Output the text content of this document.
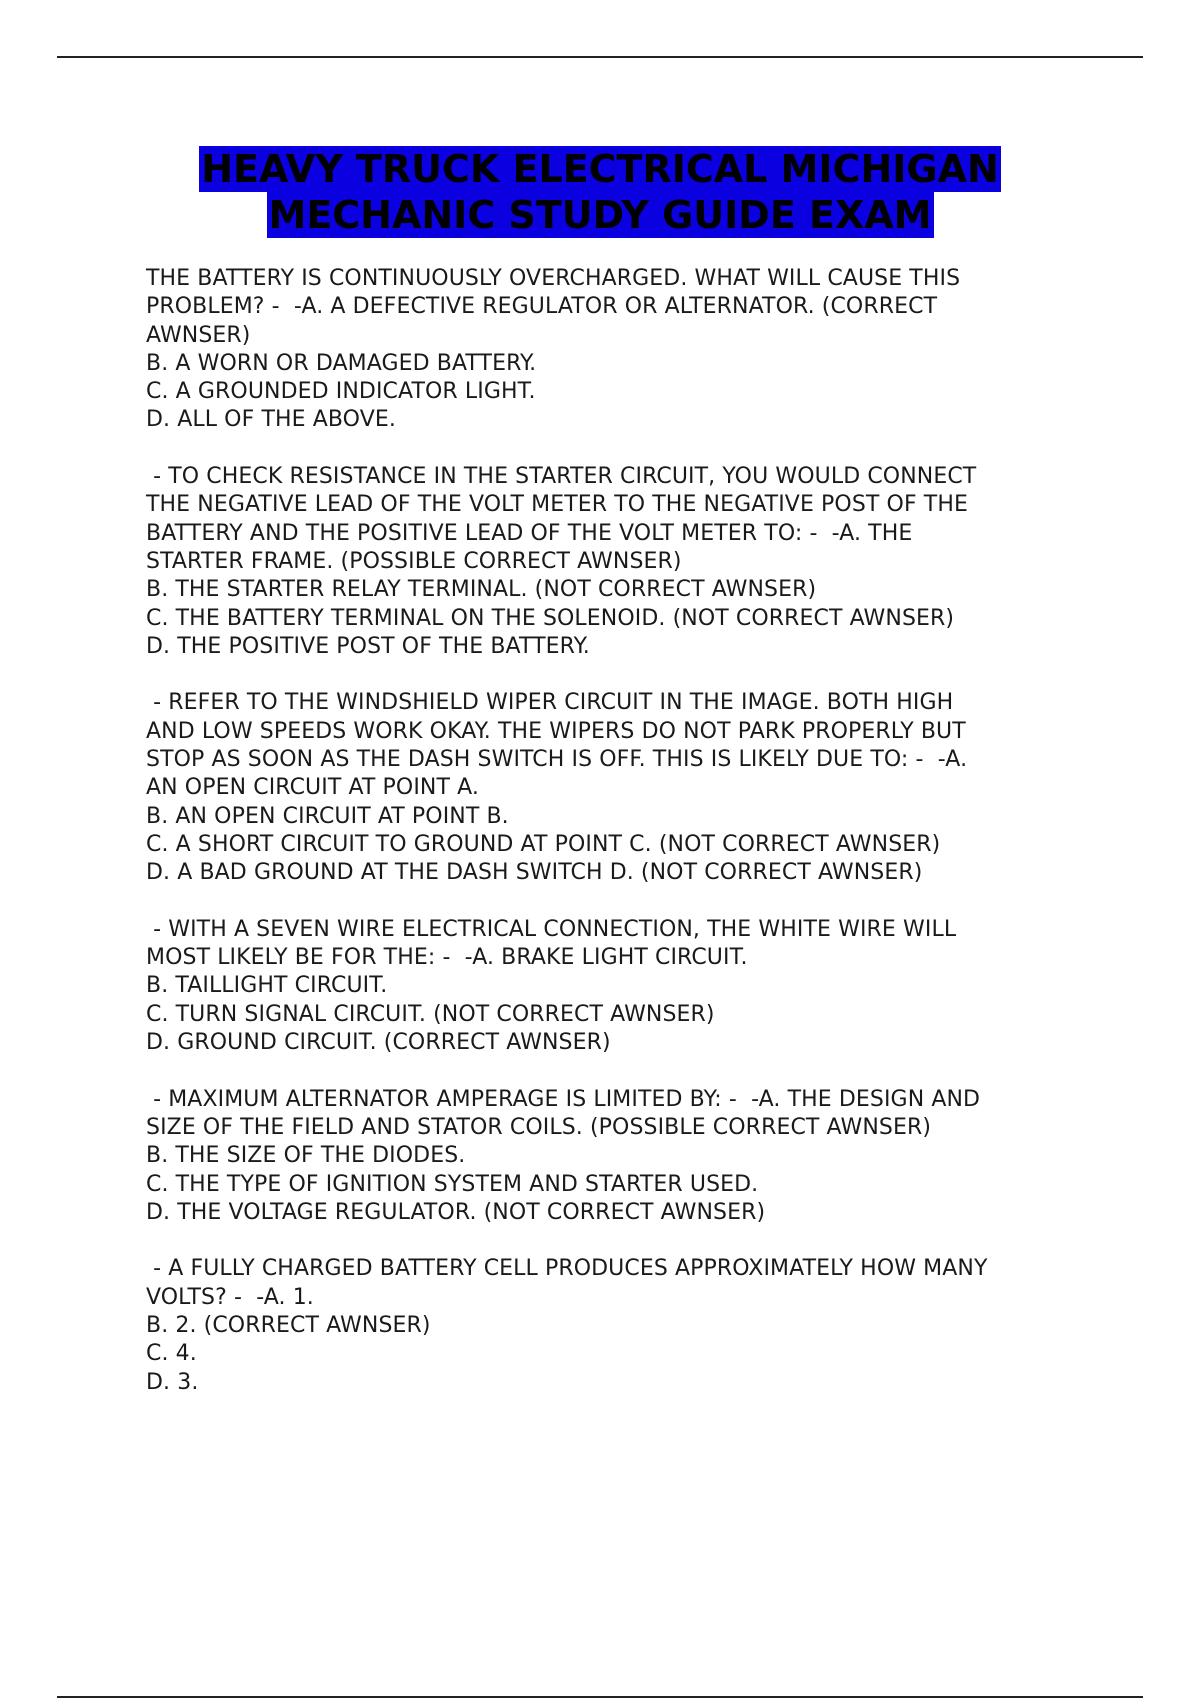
HEAVY TRUCK ELECTRICAL MICHIGAN
MECHANIC STUDY GUIDE EXAM
THE BATTERY IS CONTINUOUSLY OVERCHARGED. WHAT WILL CAUSE THIS
PROBLEM? -  -A. A DEFECTIVE REGULATOR OR ALTERNATOR. (CORRECT
AWNSER)
B. A WORN OR DAMAGED BATTERY.
C. A GROUNDED INDICATOR LIGHT.
D. ALL OF THE ABOVE.
- TO CHECK RESISTANCE IN THE STARTER CIRCUIT, YOU WOULD CONNECT
THE NEGATIVE LEAD OF THE VOLT METER TO THE NEGATIVE POST OF THE
BATTERY AND THE POSITIVE LEAD OF THE VOLT METER TO: -  -A. THE
STARTER FRAME. (POSSIBLE CORRECT AWNSER)
B. THE STARTER RELAY TERMINAL. (NOT CORRECT AWNSER)
C. THE BATTERY TERMINAL ON THE SOLENOID. (NOT CORRECT AWNSER)
D. THE POSITIVE POST OF THE BATTERY.
- REFER TO THE WINDSHIELD WIPER CIRCUIT IN THE IMAGE. BOTH HIGH
AND LOW SPEEDS WORK OKAY. THE WIPERS DO NOT PARK PROPERLY BUT
STOP AS SOON AS THE DASH SWITCH IS OFF. THIS IS LIKELY DUE TO: -  -A.
AN OPEN CIRCUIT AT POINT A.
B. AN OPEN CIRCUIT AT POINT B.
C. A SHORT CIRCUIT TO GROUND AT POINT C. (NOT CORRECT AWNSER)
D. A BAD GROUND AT THE DASH SWITCH D. (NOT CORRECT AWNSER)
- WITH A SEVEN WIRE ELECTRICAL CONNECTION, THE WHITE WIRE WILL
MOST LIKELY BE FOR THE: -  -A. BRAKE LIGHT CIRCUIT.
B. TAILLIGHT CIRCUIT.
C. TURN SIGNAL CIRCUIT. (NOT CORRECT AWNSER)
D. GROUND CIRCUIT. (CORRECT AWNSER)
- MAXIMUM ALTERNATOR AMPERAGE IS LIMITED BY: -  -A. THE DESIGN AND
SIZE OF THE FIELD AND STATOR COILS. (POSSIBLE CORRECT AWNSER)
B. THE SIZE OF THE DIODES.
C. THE TYPE OF IGNITION SYSTEM AND STARTER USED.
D. THE VOLTAGE REGULATOR. (NOT CORRECT AWNSER)
- A FULLY CHARGED BATTERY CELL PRODUCES APPROXIMATELY HOW MANY
VOLTS? -  -A. 1.
B. 2. (CORRECT AWNSER)
C. 4.
D. 3.
